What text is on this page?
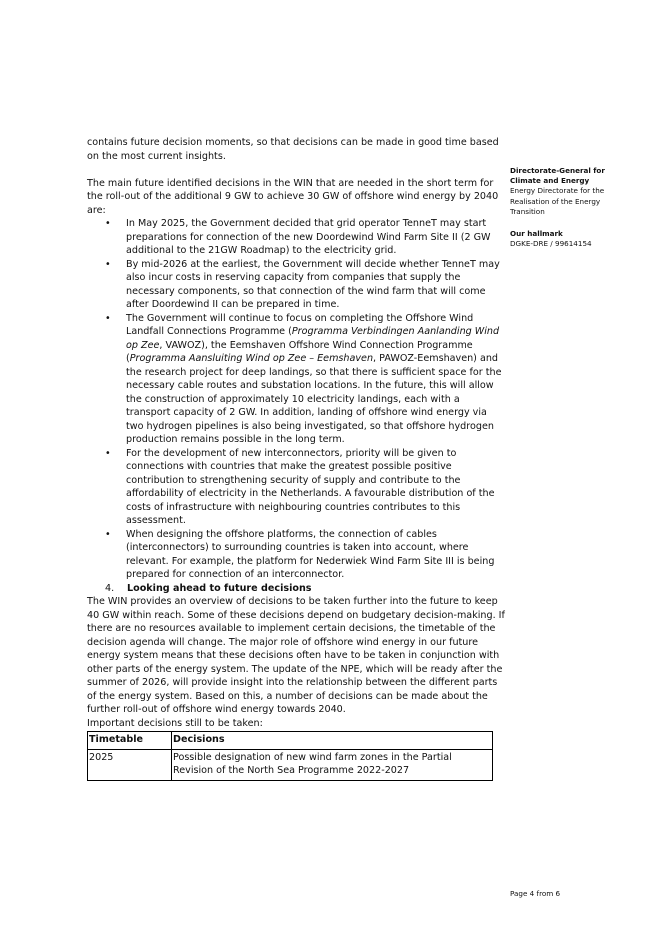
contains future decision moments, so that decisions can be made in good time based on the most current insights.

The main future identified decisions in the WIN that are needed in the short term for the roll-out of the additional 9 GW to achieve 30 GW of offshore wind energy by 2040 are:

• In May 2025, the Government decided that grid operator TenneT may start preparations for connection of the new Doordewind Wind Farm Site II (2 GW additional to the 21GW Roadmap) to the electricity grid.
• By mid-2026 at the earliest, the Government will decide whether TenneT may also incur costs in reserving capacity from companies that supply the necessary components, so that connection of the wind farm that will come after Doordewind II can be prepared in time.
• The Government will continue to focus on completing the Offshore Wind Landfall Connections Programme (Programma Verbindingen Aanlanding Wind op Zee, VAWOZ), the Eemshaven Offshore Wind Connection Programme (Programma Aansluiting Wind op Zee – Eemshaven, PAWOZ-Eemshaven) and the research project for deep landings, so that there is sufficient space for the necessary cable routes and substation locations. In the future, this will allow the construction of approximately 10 electricity landings, each with a transport capacity of 2 GW. In addition, landing of offshore wind energy via two hydrogen pipelines is also being investigated, so that offshore hydrogen production remains possible in the long term.
• For the development of new interconnectors, priority will be given to connections with countries that make the greatest possible positive contribution to strengthening security of supply and contribute to the affordability of electricity in the Netherlands. A favourable distribution of the costs of infrastructure with neighbouring countries contributes to this assessment.
• When designing the offshore platforms, the connection of cables (interconnectors) to surrounding countries is taken into account, where relevant. For example, the platform for Nederwiek Wind Farm Site III is being prepared for connection of an interconnector.

4. Looking ahead to future decisions

The WIN provides an overview of decisions to be taken further into the future to keep 40 GW within reach. Some of these decisions depend on budgetary decision-making. If there are no resources available to implement certain decisions, the timetable of the decision agenda will change. The major role of offshore wind energy in our future energy system means that these decisions often have to be taken in conjunction with other parts of the energy system. The update of the NPE, which will be ready after the summer of 2026, will provide insight into the relationship between the different parts of the energy system. Based on this, a number of decisions can be made about the further roll-out of offshore wind energy towards 2040.

Important decisions still to be taken:

Timetable	Decisions
2025	Possible designation of new wind farm zones in the Partial Revision of the North Sea Programme 2022-2027
Directorate-General for Climate and Energy
Energy Directorate for the Realisation of the Energy Transition
Our hallmark
DGKE-DRE / 99614154
Page 4 from 6
